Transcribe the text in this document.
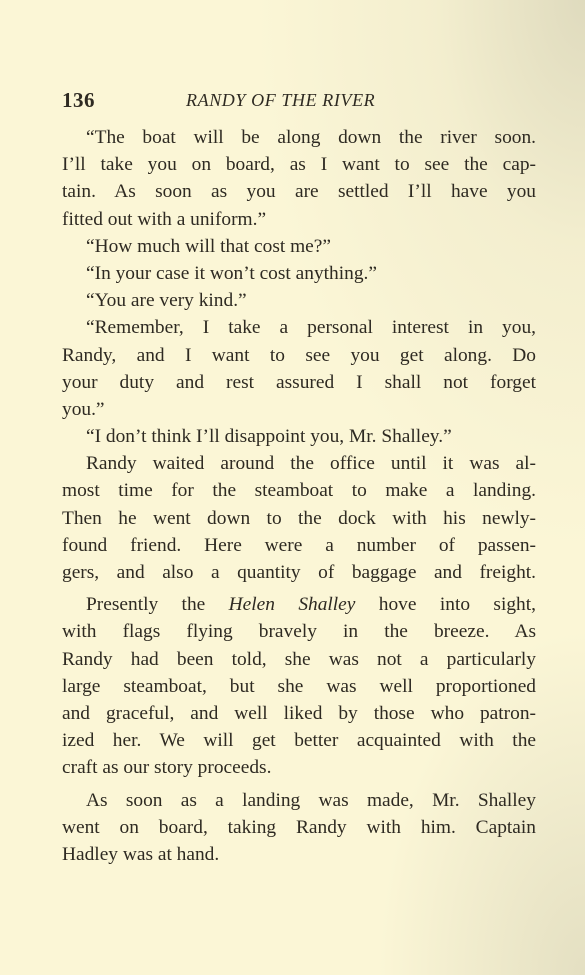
136	RANDY OF THE RIVER
“The boat will be along down the river soon.
I’ll take you on board, as I want to see the cap-
tain. As soon as you are settled I’ll have you
fitted out with a uniform.”
“How much will that cost me?”
“In your case it won’t cost anything.”
“You are very kind.”
“Remember, I take a personal interest in you,
Randy, and I want to see you get along. Do
your duty and rest assured I shall not forget
you.”
“I don’t think I’ll disappoint you, Mr. Shalley.”
Randy waited around the office until it was al-
most time for the steamboat to make a landing.
Then he went down to the dock with his newly-
found friend. Here were a number of passen-
gers, and also a quantity of baggage and freight.
Presently the Helen Shalley hove into sight,
with flags flying bravely in the breeze. As
Randy had been told, she was not a particularly
large steamboat, but she was well proportioned
and graceful, and well liked by those who patron-
ized her. We will get better acquainted with the
craft as our story proceeds.
As soon as a landing was made, Mr. Shalley
went on board, taking Randy with him. Captain
Hadley was at hand.
